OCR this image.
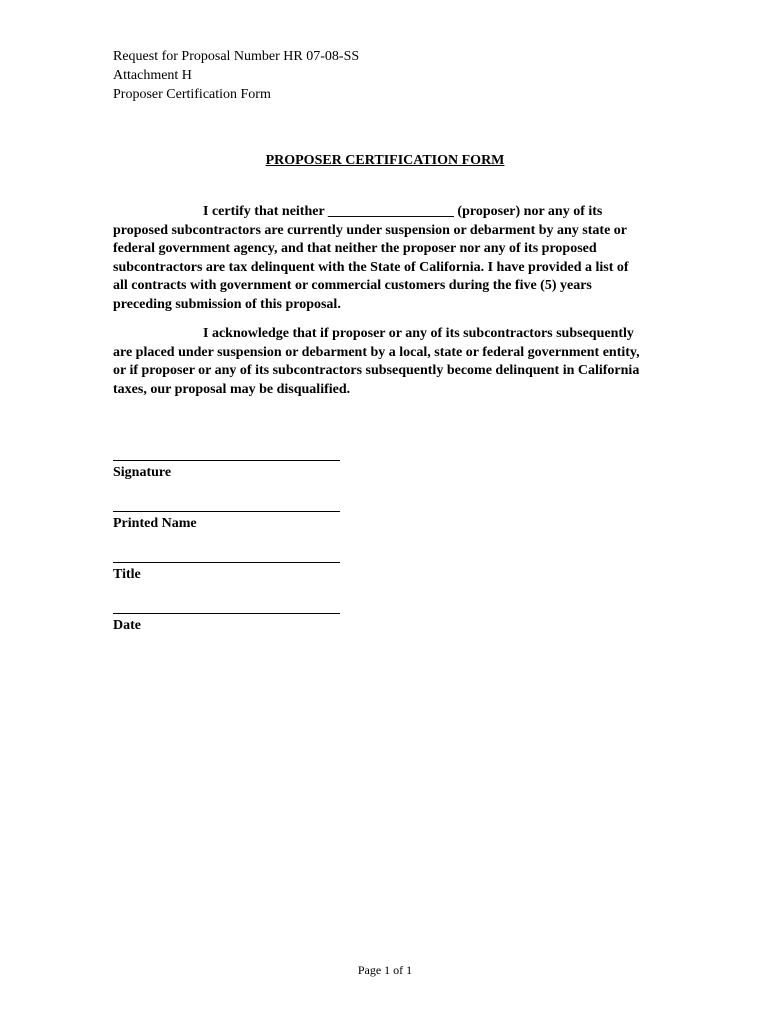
Request for Proposal Number HR 07-08-SS
Attachment H
Proposer Certification Form
PROPOSER CERTIFICATION FORM
I certify that neither __________________ (proposer) nor any of its
proposed subcontractors are currently under suspension or debarment by any state or
federal government agency, and that neither the proposer nor any of its proposed
subcontractors are tax delinquent with the State of California. I have provided a list of
all contracts with government or commercial customers during the five (5) years
preceding submission of this proposal.
I acknowledge that if proposer or any of its subcontractors subsequently
are placed under suspension or debarment by a local, state or federal government entity,
or if proposer or any of its subcontractors subsequently become delinquent in California
taxes, our proposal may be disqualified.
Signature
Printed Name
Title
Date
Page 1 of 1
